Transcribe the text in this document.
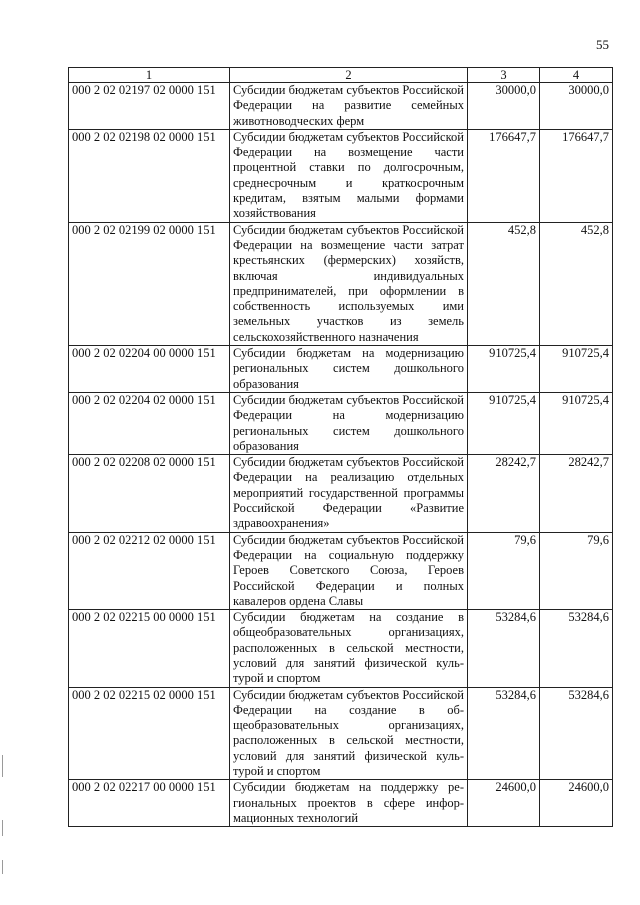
55
1	2	3	4
000 2 02 02197 02 0000 151	Субсидии бюджетам субъектов Российской Федерации на развитие семейных животноводческих ферм	30000,0	30000,0
000 2 02 02198 02 0000 151	Субсидии бюджетам субъектов Российской Федерации на возмещение части процентной ставки по долгосрочным, среднесрочным и краткосрочным кредитам, взятым малыми формами хозяйствования	176647,7	176647,7
000 2 02 02199 02 0000 151	Субсидии бюджетам субъектов Российской Федерации на возмещение части затрат крестьянских (фермерских) хозяйств, включая индивидуальных предпринимателей, при оформлении в собственность используемых ими земельных участков из земель сельскохозяйственного назначения	452,8	452,8
000 2 02 02204 00 0000 151	Субсидии бюджетам на модернизацию региональных систем дошкольного образования	910725,4	910725,4
000 2 02 02204 02 0000 151	Субсидии бюджетам субъектов Российской Федерации на модернизацию региональных систем дошкольного образования	910725,4	910725,4
000 2 02 02208 02 0000 151	Субсидии бюджетам субъектов Российской Федерации на реализацию отдельных мероприятий государственной программы Российской Федерации «Развитие здравоохранения»	28242,7	28242,7
000 2 02 02212 02 0000 151	Субсидии бюджетам субъектов Российской Федерации на социальную поддержку Героев Советского Союза, Героев Российской Федерации и полных кавалеров ордена Славы	79,6	79,6
000 2 02 02215 00 0000 151	Субсидии бюджетам на создание в общеобразовательных организациях, расположенных в сельской местности, условий для занятий физической культурой и спортом	53284,6	53284,6
000 2 02 02215 02 0000 151	Субсидии бюджетам субъектов Российской Федерации на создание в общеобразовательных организациях, расположенных в сельской местности, условий для занятий физической культурой и спортом	53284,6	53284,6
000 2 02 02217 00 0000 151	Субсидии бюджетам на поддержку региональных проектов в сфере информационных технологий	24600,0	24600,0
